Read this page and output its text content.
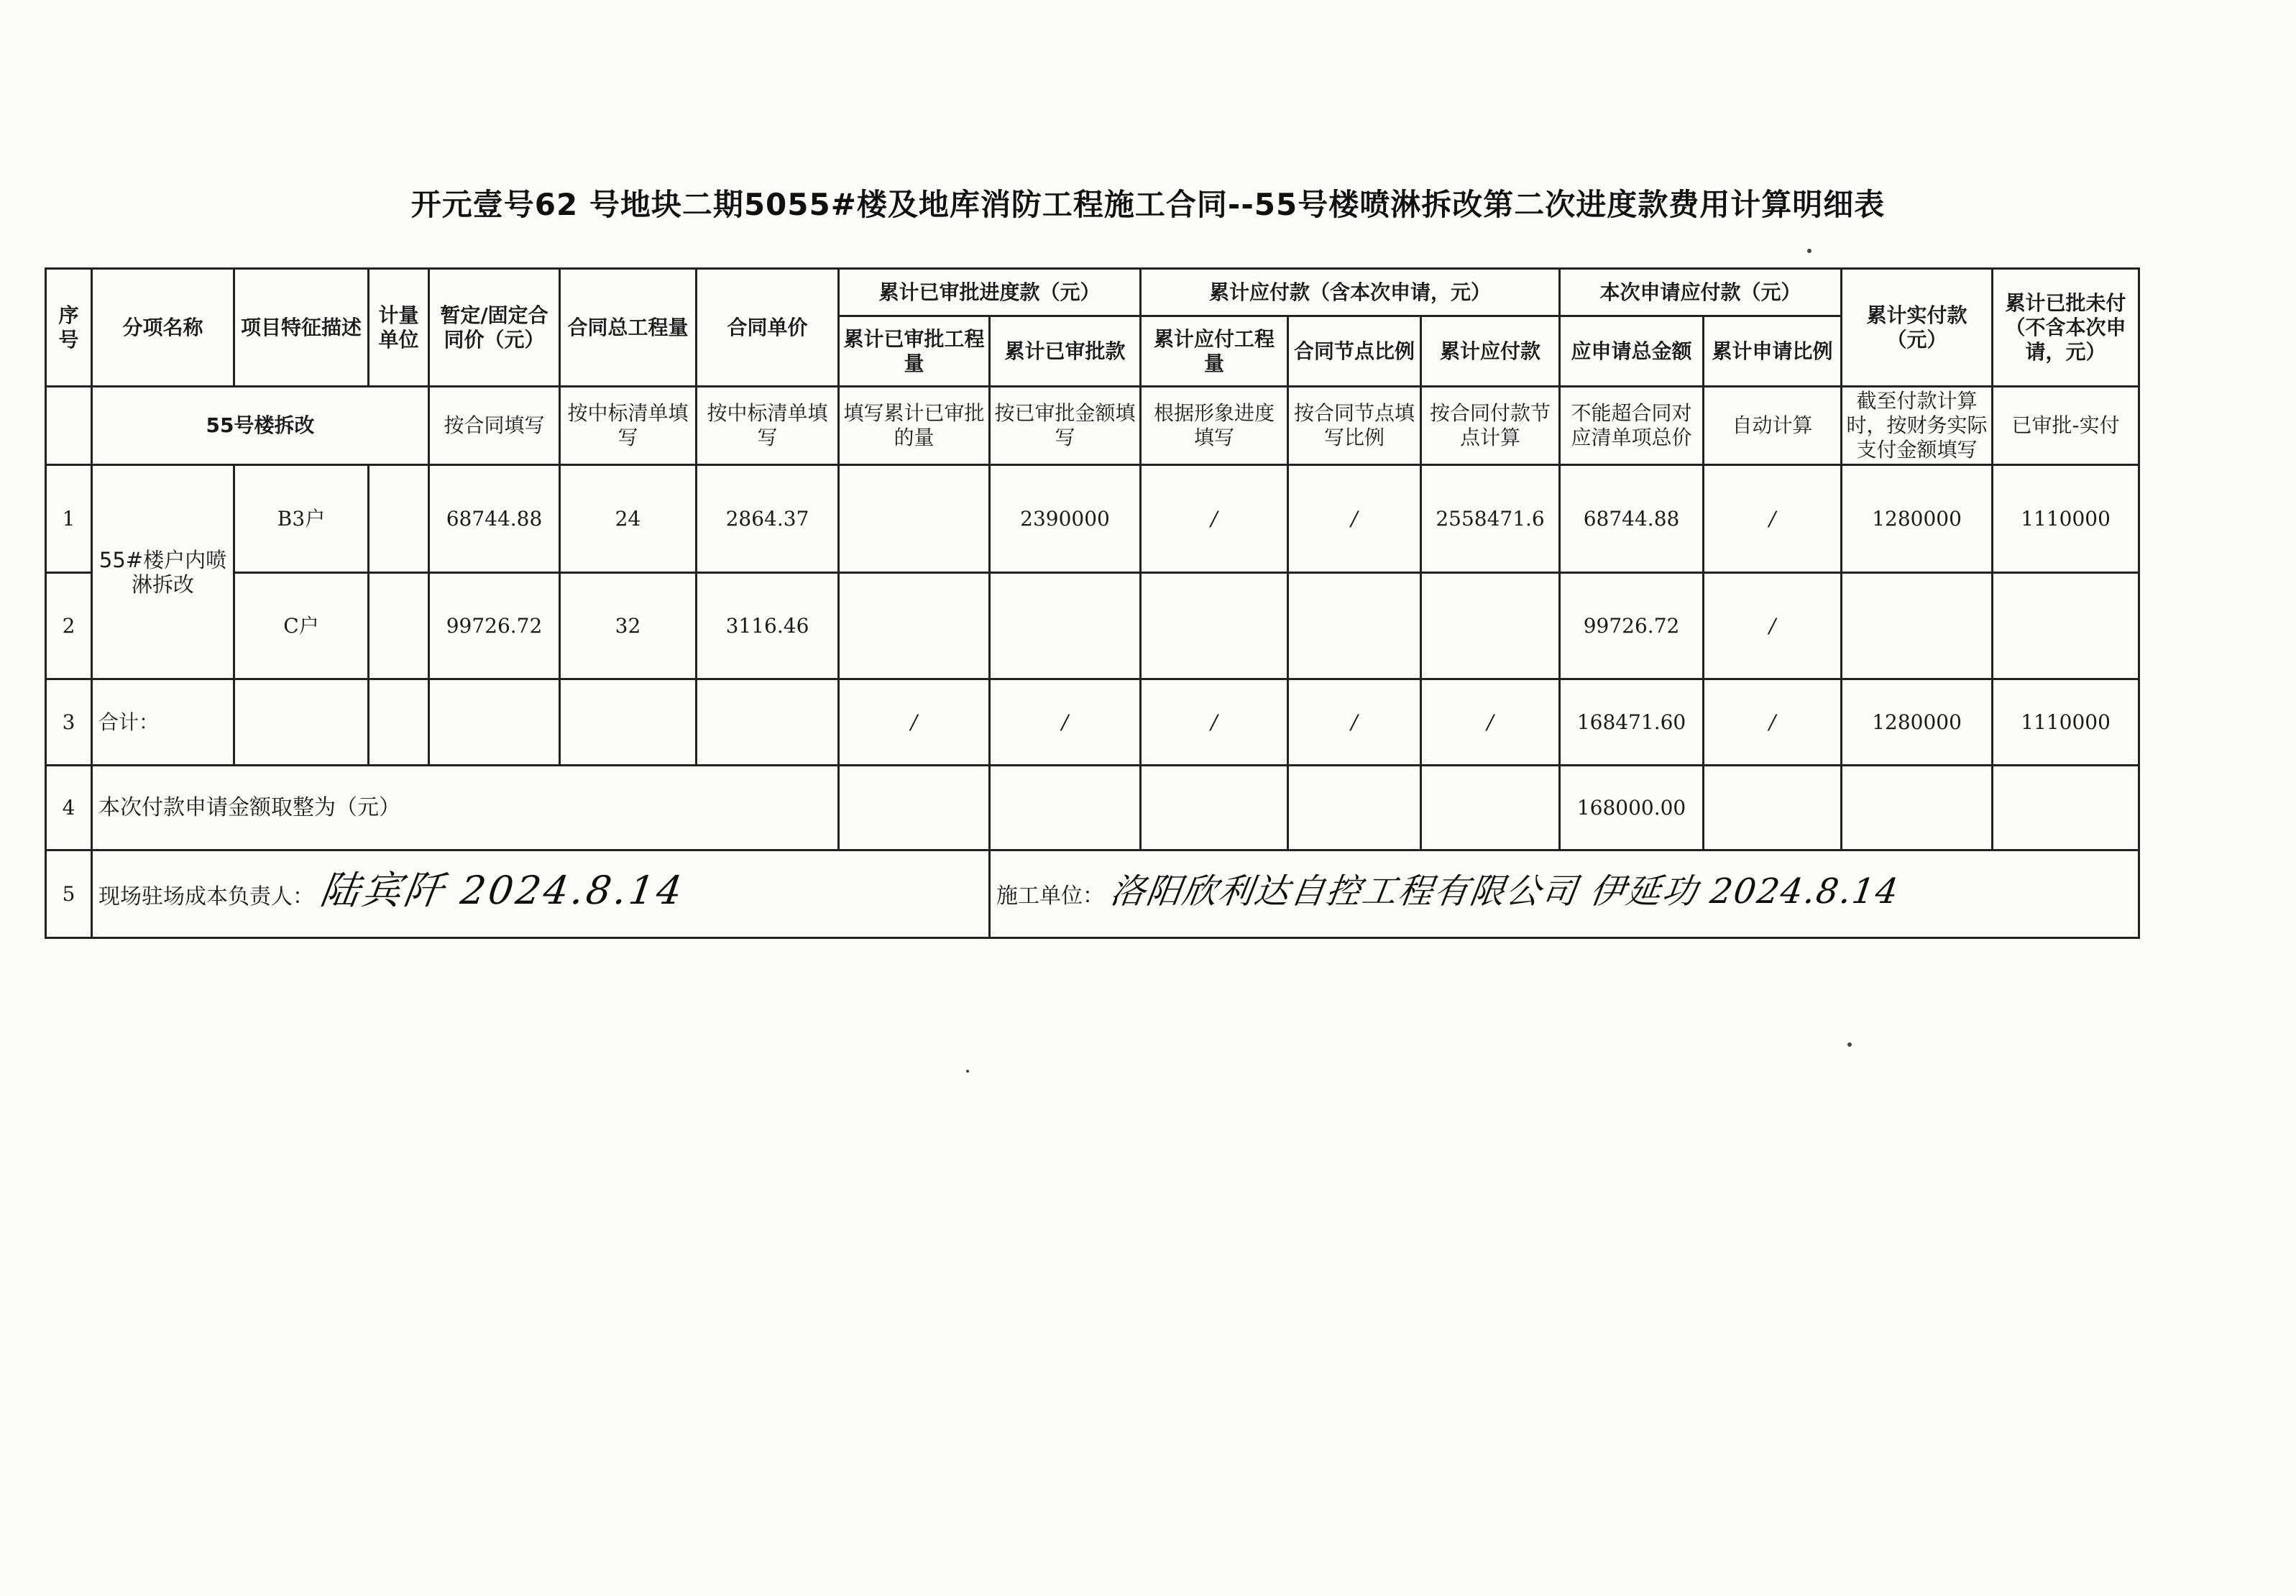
开元壹号62 号地块二期5055#楼及地库消防工程施工合同--55号楼喷淋拆改第二次进度款费用计算明细表
序号	分项名称	项目特征描述	计量单位	暂定/固定合同价（元）	合同总工程量	合同单价	累计已审批进度款（元）		累计应付款（含本次申请，元）			本次申请应付款（元）		累计实付款（元）	累计已批未付（不含本次申请，元）
							累计已审批工程量	累计已审批款	累计应付工程量	合同节点比例	累计应付款	应申请总金额	累计申请比例		
	55号楼拆改			按合同填写	按中标清单填写	按中标清单填写	填写累计已审批的量	按已审批金额填写	根据形象进度填写	按合同节点填写比例	按合同付款节点计算	不能超合同对应清单项总价	自动计算	截至付款计算时，按财务实际支付金额填写	已审批-实付
1	55#楼户内喷淋拆改	B3户		68744.88	24	2864.37		2390000	/	/	2558471.6	68744.88	/	1280000	1110000
2		C户		99726.72	32	3116.46						99726.72	/		
3	合计：						/	/	/	/	/	168471.60	/	1280000	1110000
4	本次付款申请金额取整为（元）											168000.00			
5	现场驻场成本负责人： 陆宾阡 2024.8.14							施工单位： 洛阳欣利达自控工程有限公司 伊延功 2024.8.14							
